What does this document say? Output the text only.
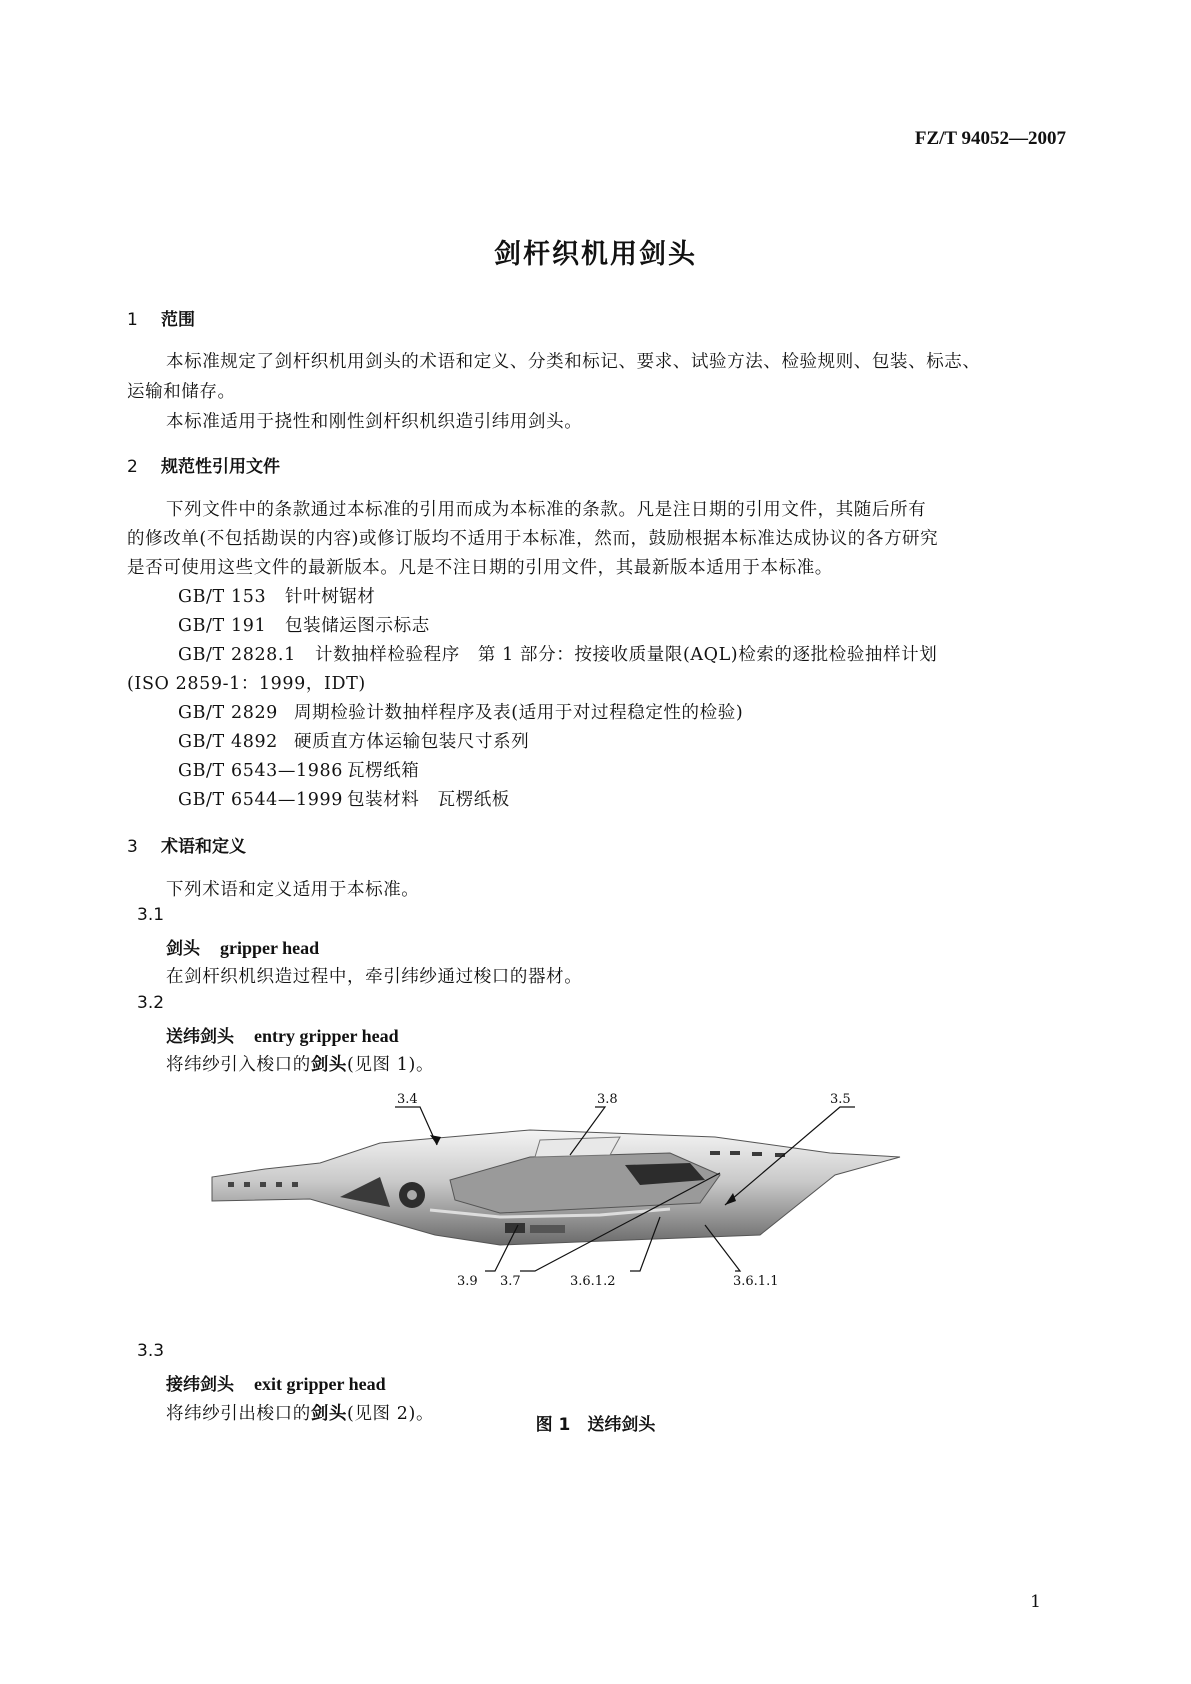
FZ/T 94052—2007
剑杆织机用剑头
1 范围
本标准规定了剑杆织机用剑头的术语和定义、分类和标记、要求、试验方法、检验规则、包装、标志、
运输和储存。
本标准适用于挠性和刚性剑杆织机织造引纬用剑头。
2 规范性引用文件
下列文件中的条款通过本标准的引用而成为本标准的条款。凡是注日期的引用文件，其随后所有
的修改单(不包括勘误的内容)或修订版均不适用于本标准，然而，鼓励根据本标准达成协议的各方研究
是否可使用这些文件的最新版本。凡是不注日期的引用文件，其最新版本适用于本标准。
GB/T 153 针叶树锯材
GB/T 191 包装储运图示标志
GB/T 2828.1 计数抽样检验程序　第 1 部分：按接收质量限(AQL)检索的逐批检验抽样计划
(ISO 2859-1：1999，IDT)
GB/T 2829 周期检验计数抽样程序及表(适用于对过程稳定性的检验)
GB/T 4892 硬质直方体运输包装尺寸系列
GB/T 6543—1986 瓦楞纸箱
GB/T 6544—1999 包装材料　瓦楞纸板
3 术语和定义
下列术语和定义适用于本标准。
3.1
剑头 gripper head
在剑杆织机织造过程中，牵引纬纱通过梭口的器材。
3.2
送纬剑头 entry gripper head
将纬纱引入梭口的剑头(见图 1)。
3.4	3.8	3.5
3.9 3.7	3.6.1.2	3.6.1.1
图 1　送纬剑头
3.3
接纬剑头 exit gripper head
将纬纱引出梭口的剑头(见图 2)。
1
